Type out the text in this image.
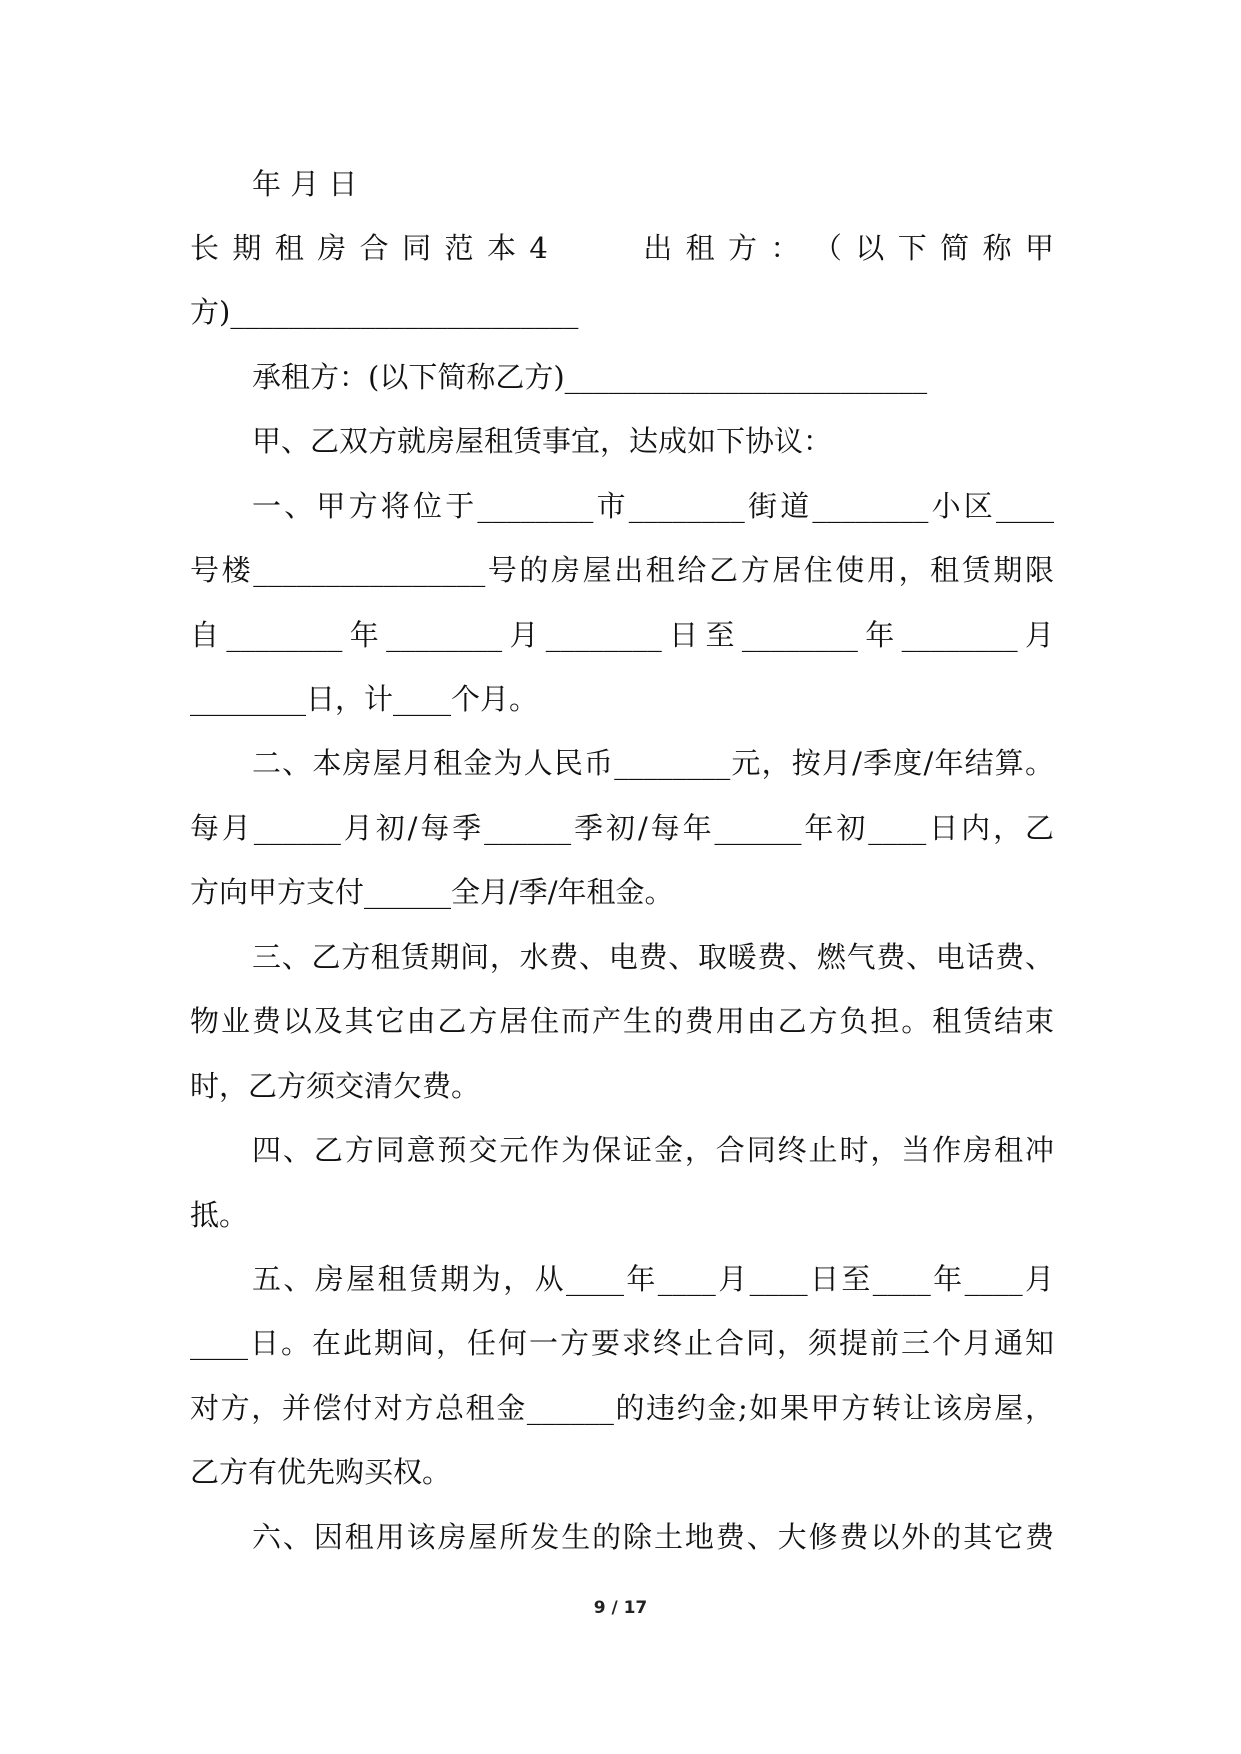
年 月 日
长 期 租 房 合 同 范 本 4　　　出 租 方 ： （ 以 下 简 称 甲
方)________________________
承租方：(以下简称乙方)_________________________
甲、乙双方就房屋租赁事宜，达成如下协议：
一、甲方将位于________市________街道________小区____
号楼________________号的房屋出租给乙方居住使用，租赁期限
自________年________月________日至________年________月
________日，计____个月。
二、本房屋月租金为人民币________元，按月/季度/年结算。
每月______月初/每季______季初/每年______年初____日内，乙
方向甲方支付______全月/季/年租金。
三、乙方租赁期间，水费、电费、取暖费、燃气费、电话费、
物业费以及其它由乙方居住而产生的费用由乙方负担。租赁结束
时，乙方须交清欠费。
四、乙方同意预交元作为保证金，合同终止时，当作房租冲
抵。
五、房屋租赁期为，从____年____月____日至____年____月
____日。在此期间，任何一方要求终止合同，须提前三个月通知
对方，并偿付对方总租金______的违约金;如果甲方转让该房屋，
乙方有优先购买权。
六、因租用该房屋所发生的除土地费、大修费以外的其它费
9 / 17
